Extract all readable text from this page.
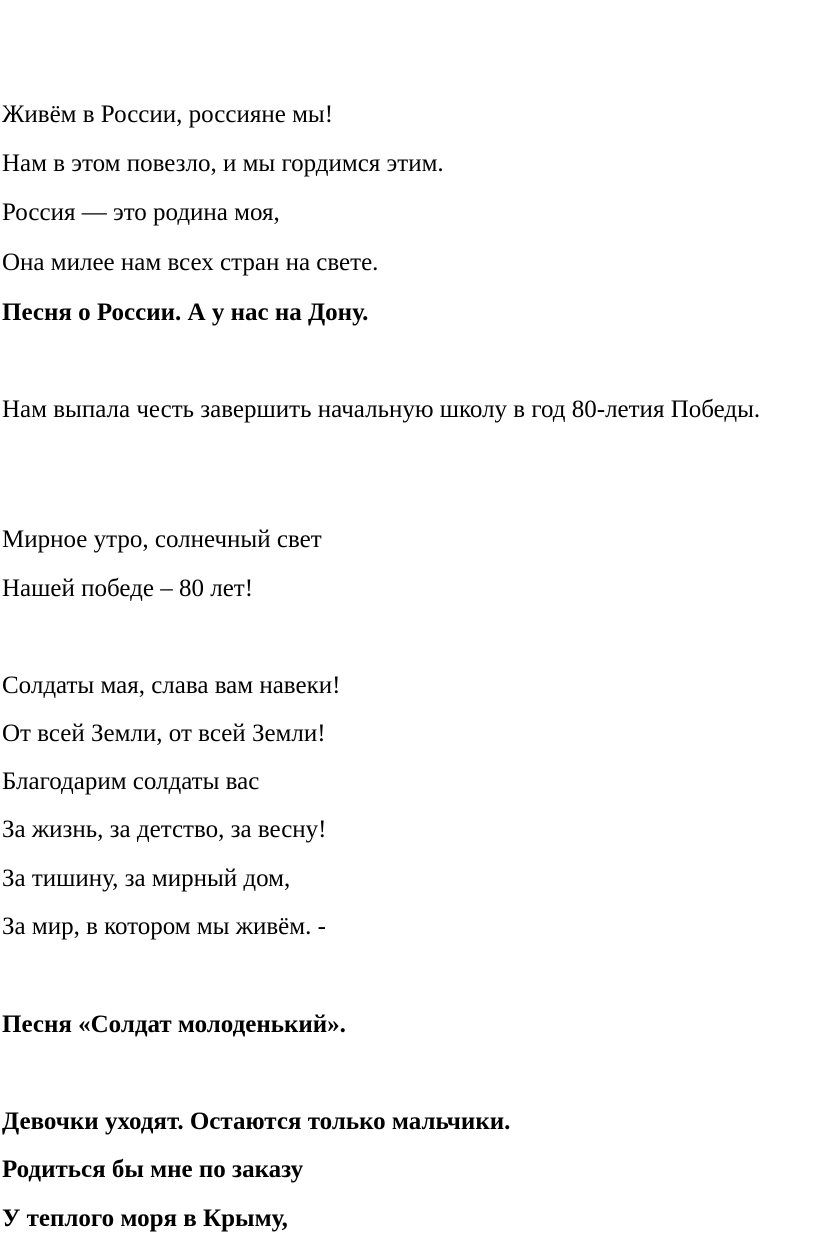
Живём в России, россияне мы!
Нам в этом повезло, и мы гордимся этим.
Россия — это родина моя,
Она милее нам всех стран на свете.
Песня о России. А у нас на Дону.
Нам выпала честь завершить начальную школу в год 80-летия Победы.
Мирное утро, солнечный свет
Нашей победе – 80 лет!
Солдаты мая, слава вам навеки!
От всей Земли, от всей Земли!
Благодарим солдаты вас
За жизнь, за детство, за весну!
За тишину, за мирный дом,
За мир, в котором мы живём. -
Песня «Солдат молоденький».
Девочки уходят. Остаются только мальчики.
Родиться бы мне по заказу
У теплого моря в Крыму,
